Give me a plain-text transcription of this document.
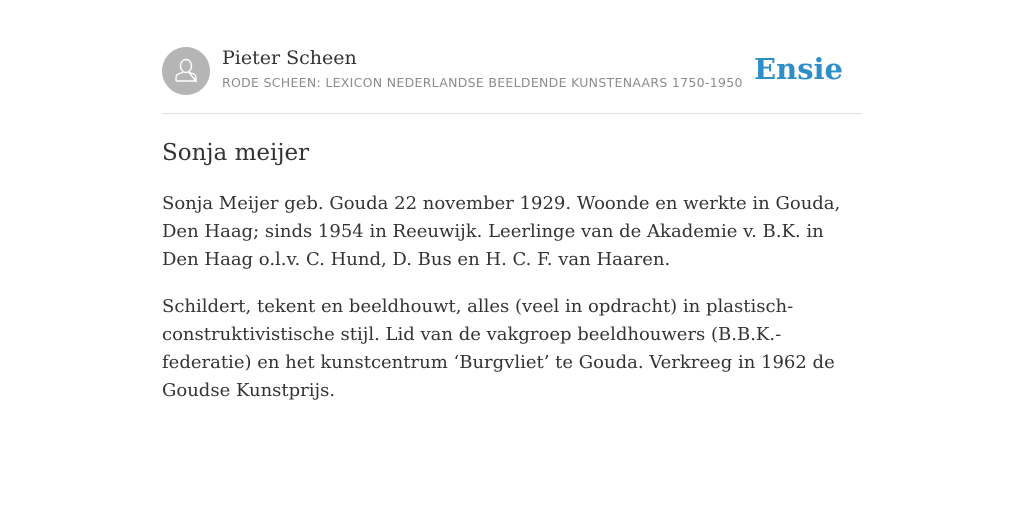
Pieter Scheen
RODE SCHEEN: LEXICON NEDERLANDSE BEELDENDE KUNSTENAARS 1750-1950 Ensie
Sonja meijer

Sonja Meijer geb. Gouda 22 november 1929. Woonde en werkte in Gouda, Den Haag; sinds 1954 in Reeuwijk. Leerlinge van de Akademie v. B.K. in Den Haag o.l.v. C. Hund, D. Bus en H. C. F. van Haaren.

Schildert, tekent en beeldhouwt, alles (veel in opdracht) in plastisch-construktivistische stijl. Lid van de vakgroep beeldhouwers (B.B.K.-federatie) en het kunstcentrum ‘Burgvliet’ te Gouda. Verkreeg in 1962 de Goudse Kunstprijs.
